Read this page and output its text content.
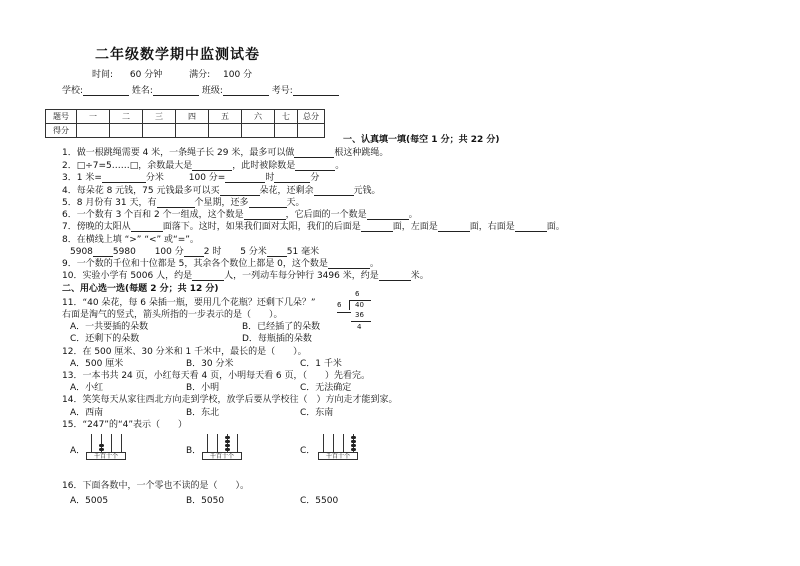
二年级数学期中监测试卷
时间: 60 分钟	满分: 100 分
学校:	姓名:	班级:	考号:
题号	一	二	三	四	五	六	七	总分
得分								
一、认真填一填(每空 1 分；共 22 分)
1．做一根跳绳需要 4 米，一条绳子长 29 米，最多可以做	根这种跳绳。
2．□÷7=5……□，余数最大是	，此时被除数是	。
3．1 米=	分米	100 分=	时	分
4．每朵花 8 元钱，75 元钱最多可以买	朵花，还剩余	元钱。
5．8 月份有 31 天，有	个星期，还多	天。
6．一个数有 3 个百和 2 个一组成，这个数是	，它后面的一个数是	。
7．傍晚的太阳从	面落下。这时，如果我们面对太阳，我们的后面是	面，左面是	面，右面是	面。
8．在横线上填 “>” “<” 或“=”。
5908 5980 100 分 2 时 5 分米 51 毫米
9．一个数的千位和十位都是 5，其余各个数位上都是 0，这个数是	。
10．实验小学有 5006 人，约是	人，一列动车每分钟行 3496 米，约是	米。
二、用心选一选(每题 2 分；共 12 分)
11．“40 朵花，每 6 朵插一瓶，要用几个花瓶？还剩下几朵？”
右面是淘气的竖式，箭头所指的一步表示的是（　　）。
A．一共要插的朵数	B．已经插了的朵数
C．还剩下的朵数	D．每瓶插的朵数
6
6 40
36
4
12．在 500 厘米、30 分米和 1 千米中，最长的是（　　）。
A．500 厘米	B．30 分米	C．1 千米
13．一本书共 24 页，小红每天看 4 页，小明每天看 6 页，（　　）先看完。
A．小红	B．小明	C．无法确定
14．笑笑每天从家往西北方向走到学校，放学后要从学校往（　）方向走才能到家。
A．西南	B．东北	C．东南
15．“247”的“4”表示（　　）
A．
千百十个
B．
千百十个
C．
千百十个
16．下面各数中，一个零也不读的是（　　）。
A．5005	B．5050	C．5500
